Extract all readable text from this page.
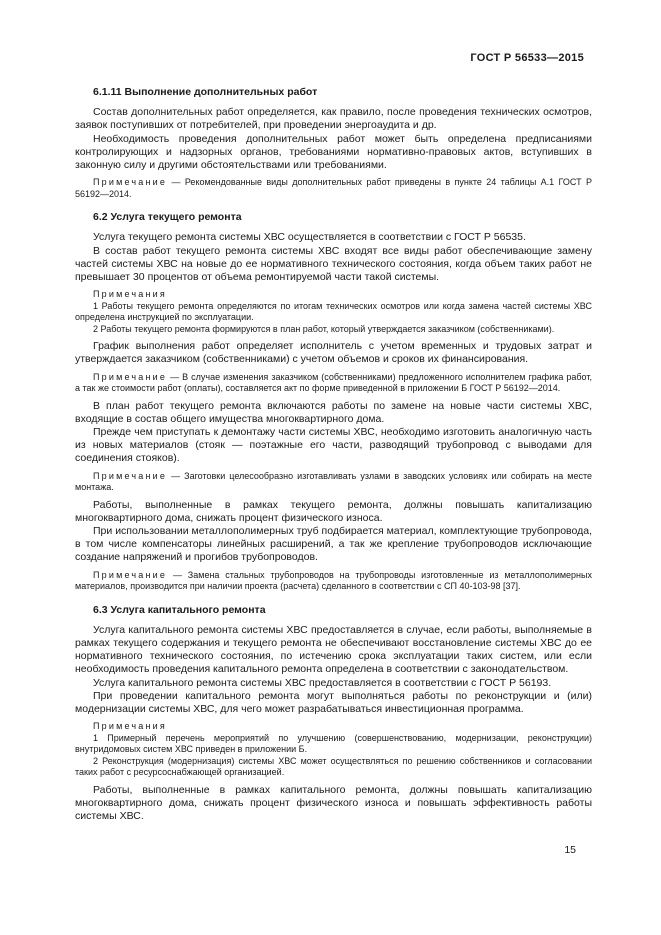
ГОСТ Р 56533—2015
6.1.11 Выполнение дополнительных работ

Состав дополнительных работ определяется, как правило, после проведения технических осмотров, заявок поступивших от потребителей, при проведении энергоаудита и др.

Необходимость проведения дополнительных работ может быть определена предписаниями контролирующих и надзорных органов, требованиями нормативно-правовых актов, вступивших в законную силу и другими обстоятельствами или требованиями.

Примечание — Рекомендованные виды дополнительных работ приведены в пункте 24 таблицы А.1 ГОСТ Р 56192—2014.

6.2 Услуга текущего ремонта

Услуга текущего ремонта системы ХВС осуществляется в соответствии с ГОСТ Р 56535.

В состав работ текущего ремонта системы ХВС входят все виды работ обеспечивающие замену частей системы ХВС на новые до ее нормативного технического состояния, когда объем таких работ не превышает 30 процентов от объема ремонтируемой части такой системы.

Примечания

1 Работы текущего ремонта определяются по итогам технических осмотров или когда замена частей системы ХВС определена инструкцией по эксплуатации.

2 Работы текущего ремонта формируются в план работ, который утверждается заказчиком (собственниками).

График выполнения работ определяет исполнитель с учетом временных и трудовых затрат и утверждается заказчиком (собственниками) с учетом объемов и сроков их финансирования.

Примечание — В случае изменения заказчиком (собственниками) предложенного исполнителем графика работ, а так же стоимости работ (оплаты), составляется акт по форме приведенной в приложении Б ГОСТ Р 56192—2014.

В план работ текущего ремонта включаются работы по замене на новые части системы ХВС, входящие в состав общего имущества многоквартирного дома.

Прежде чем приступать к демонтажу части системы ХВС, необходимо изготовить аналогичную часть из новых материалов (стояк — поэтажные его части, разводящий трубопровод с выводами для соединения стояков).

Примечание — Заготовки целесообразно изготавливать узлами в заводских условиях или собирать на месте монтажа.

Работы, выполненные в рамках текущего ремонта, должны повышать капитализацию многоквартирного дома, снижать процент физического износа.

При использовании металлополимерных труб подбирается материал, комплектующие трубопровода, в том числе компенсаторы линейных расширений, а так же крепление трубопроводов исключающие создание напряжений и прогибов трубопроводов.

Примечание — Замена стальных трубопроводов на трубопроводы изготовленные из металлополимерных материалов, производится при наличии проекта (расчета) сделанного в соответствии с СП 40-103-98 [37].

6.3 Услуга капитального ремонта

Услуга капитального ремонта системы ХВС предоставляется в случае, если работы, выполняемые в рамках текущего содержания и текущего ремонта не обеспечивают восстановление системы ХВС до ее нормативного технического состояния, по истечению срока эксплуатации таких систем, или если необходимость проведения капитального ремонта определена в соответствии с законодательством.

Услуга капитального ремонта системы ХВС предоставляется в соответствии с ГОСТ Р 56193.

При проведении капитального ремонта могут выполняться работы по реконструкции и (или) модернизации системы ХВС, для чего может разрабатываться инвестиционная программа.

Примечания

1 Примерный перечень мероприятий по улучшению (совершенствованию, модернизации, реконструкции) внутридомовых систем ХВС приведен в приложении Б.

2 Реконструкция (модернизация) системы ХВС может осуществляться по решению собственников и согласовании таких работ с ресурсоснабжающей организацией.

Работы, выполненные в рамках капитального ремонта, должны повышать капитализацию многоквартирного дома, снижать процент физического износа и повышать эффективность работы системы ХВС.

15
